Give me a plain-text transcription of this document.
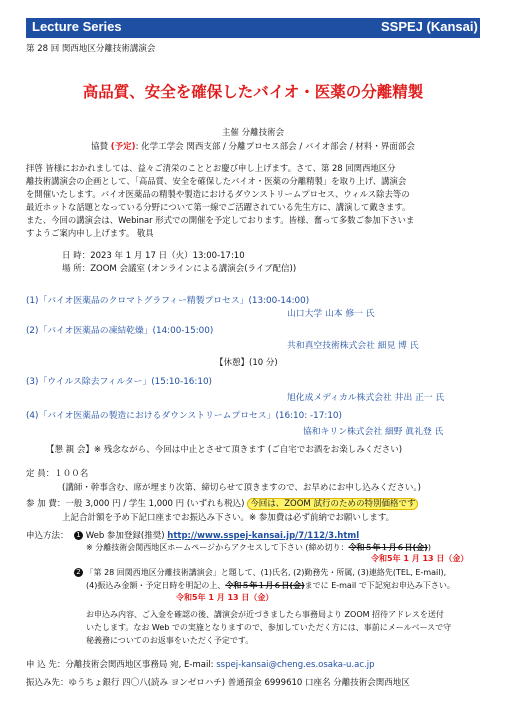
Lecture Series	SSPEJ (Kansai)
第 28 回 関西地区分離技術講演会
高品質、安全を確保したバイオ・医薬の分離精製
主催 分離技術会
協賛 (予定): 化学工学会 関西支部 / 分離プロセス部会 / バイオ部会 / 材料・界面部会
拝啓 皆様におかれましては、益々ご清栄のこととお慶び申し上げます。さて、第 28 回関西地区分
離技術講演会の企画として、「高品質、安全を確保したバイオ・医薬の分離精製」を取り上げ、講演会
を開催いたします。バイオ医薬品の精製や製造におけるダウンストリームプロセス、ウィルス除去等の
最近ホットな話題となっている分野について第一線でご活躍されている先生方に、講演して戴きます。
また、今回の講演会は、Webinar 形式での開催を予定しております。皆様、奮って多数ご参加下さいま
すようご案内申し上げます。 敬具
日 時：2023 年 1 月 17 日（火）13:00-17:10
場 所：ZOOM 会議室 (オンラインによる講演会(ライブ配信))
(1)「バイオ医薬品のクロマトグラフィー精製プロセス」(13:00-14:00)
山口大学 山本 修一 氏
(2)「バイオ医薬品の凍結乾燥」(14:00-15:00)
共和真空技術株式会社 細見 博 氏
【休憩】(10 分)
(3)「ウイルス除去フィルター」(15:10-16:10)
旭化成メディカル株式会社 井出 正一 氏
(4)「バイオ医薬品の製造におけるダウンストリームプロセス」(16:10: -17:10)
協和キリン株式会社 細野 眞礼登 氏
【懇 親 会】※ 残念ながら、今回は中止とさせて頂きます (ご自宅でお酒をお楽しみください)
定 員：１００名
(講師・幹事含む、席が埋まり次第、締切らせて頂きますので、お早めにお申し込みください。)
参 加 費：一般 3,000 円 / 学生 1,000 円 (いずれも税込) 今回は、ZOOM 試行のための特別価格です
上記合計額を予め下記口座までお振込み下さい。※ 参加費は必ず前納でお願いします。
申込方法：	1 Web 参加登録(推奨) http://www.sspej-kansai.jp/7/112/3.html
※ 分離技術会関西地区ホームページからアクセスして下さい (締め切り：令和５年１月６日(金))
令和5年 1 月 13 日（金）
2 「第 28 回関西地区分離技術講演会」と題して、(1)氏名, (2)勤務先・所属, (3)連絡先(TEL, E-mail),
(4)振込み金額・予定日時を明記の上、令和５年１月６日(金)までに E-mail で下記宛お申込み下さい。
令和5年 1 月 13 日（金）
お申込み内容、ご入金を確認の後、講演会が近づきましたら事務局より ZOOM 招待アドレスを送付
いたします。なお Web での実施となりますので、参加していただく方には、事前にメールベースで守
秘義務についてのお返事をいただく予定です。
申 込 先：分離技術会関西地区事務局 宛, E-mail: sspej-kansai@cheng.es.osaka-u.ac.jp
振込み先：ゆうちょ銀行 四〇八(読み ヨンゼロハチ) 普通預金 6999610 口座名 分離技術会関西地区
